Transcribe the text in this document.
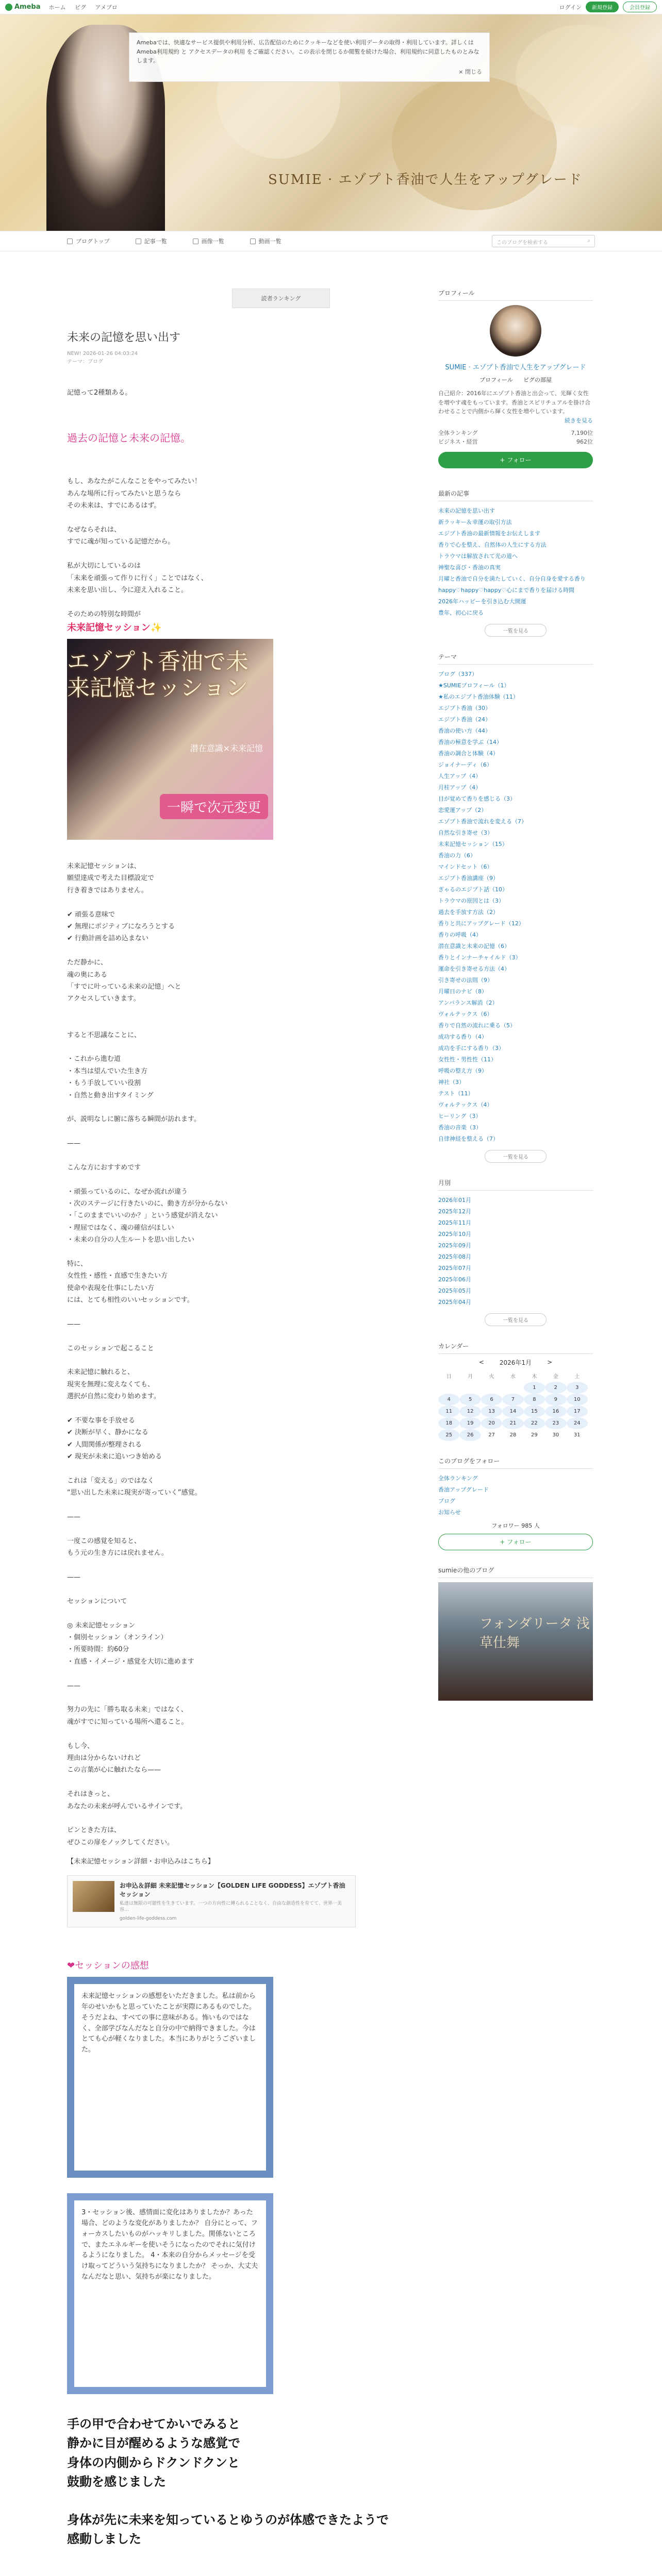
Ameba ホーム ピグ アメブロ	ログイン	新規登録	会員登録
SUMIE · エゾプト香油で人生をアップグレード
Amebaでは、快適なサービス提供や利用分析、広告配信のためにクッキーなどを使い利用データの取得・利用しています。詳しくは Ameba利用規約 と アクセスデータの利用 をご確認ください。この表示を閉じるか閲覧を続けた場合、利用規約に同意したものとみなします。
× 閉じる
ブログトップ	記事一覧	画像一覧	動画一覧	このブログを検索する	⌕
読者ランキング
未来の記憶を思い出す
NEW! 2026-01-26 04:03:24
テーマ：ブログ
記憶って2種類ある。
過去の記憶と未来の記憶。
もし、あなたがこんなことをやってみたい！
あんな場所に行ってみたいと思うなら
その未来は、すでにあるはず。

なぜならそれは、
すでに魂が知っている記憶だから。

私が大切にしているのは
「未来を頑張って作りに行く」ことではなく、
未来を思い出し、今に迎え入れること。

そのための特別な時間が
未来記憶セッション✨
エゾプト香油で未来記憶セッション
潜在意識×未来記憶
一瞬で次元変更
未来記憶セッションは、
願望達成で考えた目標設定で
行き着きではありません。

✔ 頑張る意味で
✔ 無理にポジティブになろうとする
✔ 行動計画を詰め込まない

ただ静かに、
魂の奥にある
「すでに叶っている未来の記憶」へと
アクセスしていきます。

すると不思議なことに、

・これから進む道
・本当は望んでいた生き方
・もう手放していい役割
・自然と動き出すタイミング

が、説明なしに腑に落ちる瞬間が訪れます。

——

こんな方におすすめです

・頑張っているのに、なぜか流れが違う
・次のステージに行きたいのに、動き方が分からない
・「このままでいいのか？」という感覚が消えない
・理屈ではなく、魂の確信がほしい
・未来の自分の人生ルートを思い出したい

特に、
女性性・感性・直感で生きたい方
使命や表現を仕事にしたい方
には、とても相性のいいセッションです。

——

このセッションで起こること

未来記憶に触れると、
現実を無理に変えなくても、
選択が自然に変わり始めます。

✔ 不要な事を手放せる
✔ 決断が早く、静かになる
✔ 人間関係が整理される
✔ 現実が未来に追いつき始める

これは「変える」のではなく
“思い出した未来に現実が寄っていく”感覚。

——

一度この感覚を知ると、
もう元の生き方には戻れません。

——

セッションについて

◎ 未来記憶セッション
・個別セッション（オンライン）
・所要時間：約60分
・直感・イメージ・感覚を大切に進めます

——

努力の先に「勝ち取る未来」ではなく、
魂がすでに知っている場所へ還ること。

もし今、
理由は分からないけれど
この言葉が心に触れたなら——

それはきっと、
あなたの未来が呼んでいるサインです。

ピンときた方は、
ぜひこの扉をノックしてください。
【未来記憶セッション詳細・お申込みはこちら】
お申込＆詳細 未来記憶セッション【GOLDEN LIFE GODDESS】エゾプト香油セッション
私達は無限の可能性を生きています。一つの方向性に縛られることなく、自由な創造性を育てて、世界一美容…
golden-life-goddess.com
❤セッションの感想
未来記憶セッションの感想をいただきました。私は前から年のせいかもと思っていたことが実際にあるものでした。そうだよね、すべての事に意味がある。怖いものではなく、全部学びなんだなと自分の中で納得できました。今はとても心が軽くなりました。本当にありがとうございました。
3・セッション後、感情面に変化はありましたか？あった場合、どのような変化がありましたか？ 自分にとって、フォーカスしたいものがハッキリしました。関係ないところで、またエネルギーを使いそうになったのでそれに気付けるようになりました。 4・本来の自分からメッセージを受け取ってどういう気持ちになりましたか？ そっか、大丈夫なんだなと思い、気持ちが楽になりました。
手の甲で合わせてかいでみると
静かに目が醒めるような感覚で
身体の内側からドクンドクンと
鼓動を感じました

身体が先に未来を知っているとゆうのが体感できたようで
感動しました
プロフィール
SUMIE · エゾプト香油で人生をアップグレード
プロフィール ピグの部屋
自己紹介：2016年にエゾプト香油と出会って、光輝く女性を増やす魂をもっています。香油とスピリチュアルを掛け合わせることで内側から輝く女性を増やしています。
続きを見る
全体ランキング	7,190位
ビジネス・経営	962位
+ フォロー
最新の記事
未来の記憶を思い出す
新ラッキー＆幸運の取引方法
エジプト香油の最新情報をお伝えします
香りで心を整え、自然体の人生にする方法
トラウマは解放されて光の道へ
神聖な喜び・香油の真実
月曜と香油で自分を満たしていく、自分自身を愛する香り
happy♡happy♡happy♡心にまで香りを届ける時間
2026年ハッピーを引き込む大開運
豊年、初心に戻る
一覧を見る
テーマ
ブログ（337）
★SUMIEプロフィール（1）
★私のエジプト香油体験（11）
エジプト香油（30）
エジプト香油（24）
香油の使い方（44）
香油の極意を学ぶ（14）
香油の調合と体験（4）
ジョイナーディ（6）
人生アップ（4）
月桂アップ（4）
目が覚めて香りを感じる（3）
恋愛運アップ（2）
エゾプト香油で流れを変える（7）
自然な引き寄せ（3）
未来記憶セッション（15）
香油の力（6）
マインドセット（6）
エジプト香油講座（9）
ぎゃるのエジプト話（10）
トラウマの原因とは（3）
過去を手放す方法（2）
香りと共にアップグレード（12）
香りの呼吸（4）
潜在意識と未来の記憶（6）
香りとインナーチャイルド（3）
運命を引き寄せる方法（4）
引き寄せの法則（9）
月曜日のナビ（8）
アンバランス解消（2）
ヴォルテックス（6）
香りで自然の流れに乗る（5）
成功する香り（4）
成功を手にする香り（3）
女性性・男性性（11）
呼吸の整え方（9）
神社（3）
テスト（11）
ヴォルテックス（4）
ヒーリング（3）
香油の音楽（3）
自律神経を整える（7）
一覧を見る
月別
2026年01月
2025年12月
2025年11月
2025年10月
2025年09月
2025年08月
2025年07月
2025年06月
2025年05月
2025年04月
一覧を見る
カレンダー
<	2026年1月	>
日	月	火	水	木	金	土
				1	2	3
4	5	6	7	8	9	10
11	12	13	14	15	16	17
18	19	20	21	22	23	24
25	26	27	28	29	30	31
このブログをフォロー
全体ランキング
香油アップグレード
ブログ
お知らせ
フォロワー 985 人
+ フォロー
sumieの他のブログ
フォンダリータ 浅草仕舞
